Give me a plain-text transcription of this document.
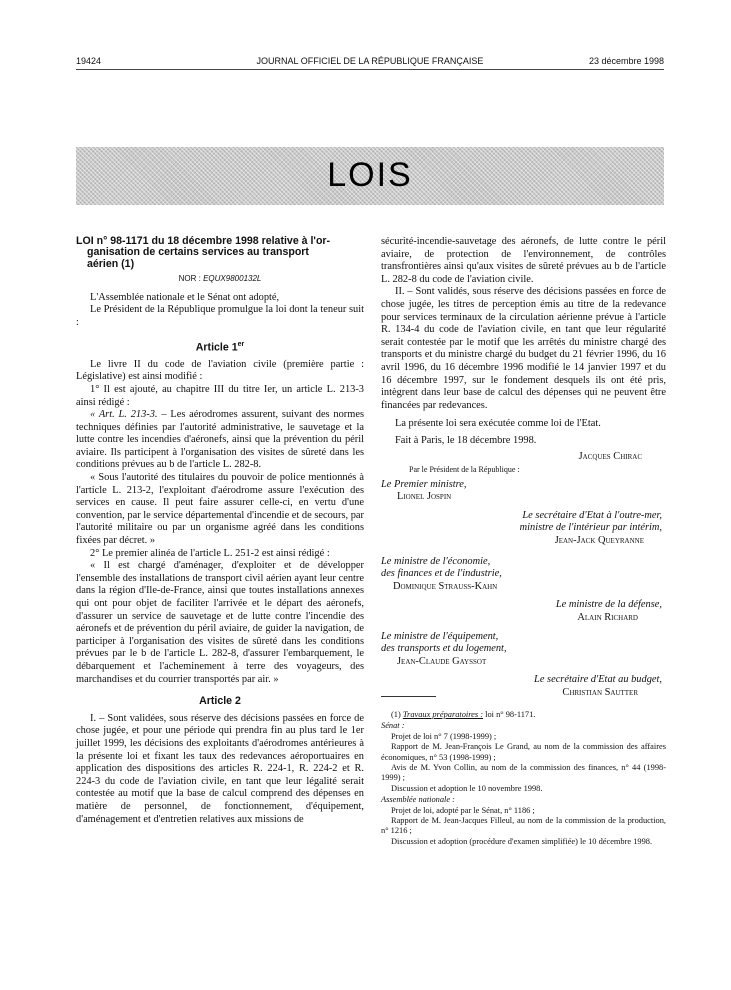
19424	JOURNAL OFFICIEL DE LA RÉPUBLIQUE FRANÇAISE	23 décembre 1998
LOIS
LOI n° 98-1171 du 18 décembre 1998 relative à l'or-
ganisation de certains services au transport
aérien (1)
NOR : EQUX9800132L

L'Assemblée nationale et le Sénat ont adopté,

Le Président de la République promulgue la loi dont la teneur suit :

Article 1er

Le livre II du code de l'aviation civile (première partie : Législative) est ainsi modifié :

1° Il est ajouté, au chapitre III du titre Ier, un article L. 213-3 ainsi rédigé :

« Art. L. 213-3. – Les aérodromes assurent, suivant des normes techniques définies par l'autorité administrative, le sauvetage et la lutte contre les incendies d'aéronefs, ainsi que la prévention du péril aviaire. Ils participent à l'organisation des visites de sûreté dans les conditions prévues au b de l'article L. 282-8.

« Sous l'autorité des titulaires du pouvoir de police mentionnés à l'article L. 213-2, l'exploitant d'aérodrome assure l'exécution des services en cause. Il peut faire assurer celle-ci, en vertu d'une convention, par le service départemental d'incendie et de secours, par l'autorité militaire ou par un organisme agréé dans les conditions fixées par décret. »

2° Le premier alinéa de l'article L. 251-2 est ainsi rédigé :

« Il est chargé d'aménager, d'exploiter et de développer l'ensemble des installations de transport civil aérien ayant leur centre dans la région d'Ile-de-France, ainsi que toutes installations annexes qui ont pour objet de faciliter l'arrivée et le départ des aéronefs, d'assurer un service de sauvetage et de lutte contre l'incendie des aéronefs et de prévention du péril aviaire, de guider la navigation, de participer à l'organisation des visites de sûreté dans les conditions prévues par le b de l'article L. 282-8, d'assurer l'embarquement, le débarquement et l'acheminement à terre des voyageurs, des marchandises et du courrier transportés par air. »

Article 2

I. – Sont validées, sous réserve des décisions passées en force de chose jugée, et pour une période qui prendra fin au plus tard le 1er juillet 1999, les décisions des exploitants d'aérodromes antérieures à la présente loi et fixant les taux des redevances aéroportuaires en application des dispositions des articles R. 224-1, R. 224-2 et R. 224-3 du code de l'aviation civile, en tant que leur légalité serait contestée au motif que la base de calcul comprend des dépenses en matière de personnel, de fonctionnement, d'équipement, d'aménagement et d'entretien relatives aux missions de

sécurité-incendie-sauvetage des aéronefs, de lutte contre le péril aviaire, de protection de l'environnement, de contrôles transfrontières ainsi qu'aux visites de sûreté prévues au b de l'article L. 282-8 du code de l'aviation civile.

II. – Sont validés, sous réserve des décisions passées en force de chose jugée, les titres de perception émis au titre de la redevance pour services terminaux de la circulation aérienne prévue à l'article R. 134-4 du code de l'aviation civile, en tant que leur régularité serait contestée par le motif que les arrêtés du ministre chargé des transports et du ministre chargé du budget du 21 février 1996, du 16 avril 1996, du 16 décembre 1996 modifié le 14 janvier 1997 et du 16 décembre 1997, sur le fondement desquels ils ont été pris, intègrent dans leur base de calcul des dépenses qui ne peuvent être financées par redevances.

La présente loi sera exécutée comme loi de l'Etat.

Fait à Paris, le 18 décembre 1998.

Jacques Chirac
Par le Président de la République :
Le Premier ministre,
Lionel Jospin
Le secrétaire d'Etat à l'outre-mer,
ministre de l'intérieur par intérim,
Jean-Jack Queyranne
Le ministre de l'économie,
des finances et de l'industrie,
Dominique Strauss-Kahn
Le ministre de la défense,
Alain Richard
Le ministre de l'équipement,
des transports et du logement,
Jean-Claude Gayssot
Le secrétaire d'Etat au budget,
Christian Sautter

(1) Travaux préparatoires : loi n° 98-1171.

Sénat :

Projet de loi n° 7 (1998-1999) ;

Rapport de M. Jean-François Le Grand, au nom de la commission des affaires économiques, n° 53 (1998-1999) ;

Avis de M. Yvon Collin, au nom de la commission des finances, n° 44 (1998-1999) ;

Discussion et adoption le 10 novembre 1998.

Assemblée nationale :

Projet de loi, adopté par le Sénat, n° 1186 ;

Rapport de M. Jean-Jacques Filleul, au nom de la commission de la production, n° 1216 ;

Discussion et adoption (procédure d'examen simplifiée) le 10 décembre 1998.
